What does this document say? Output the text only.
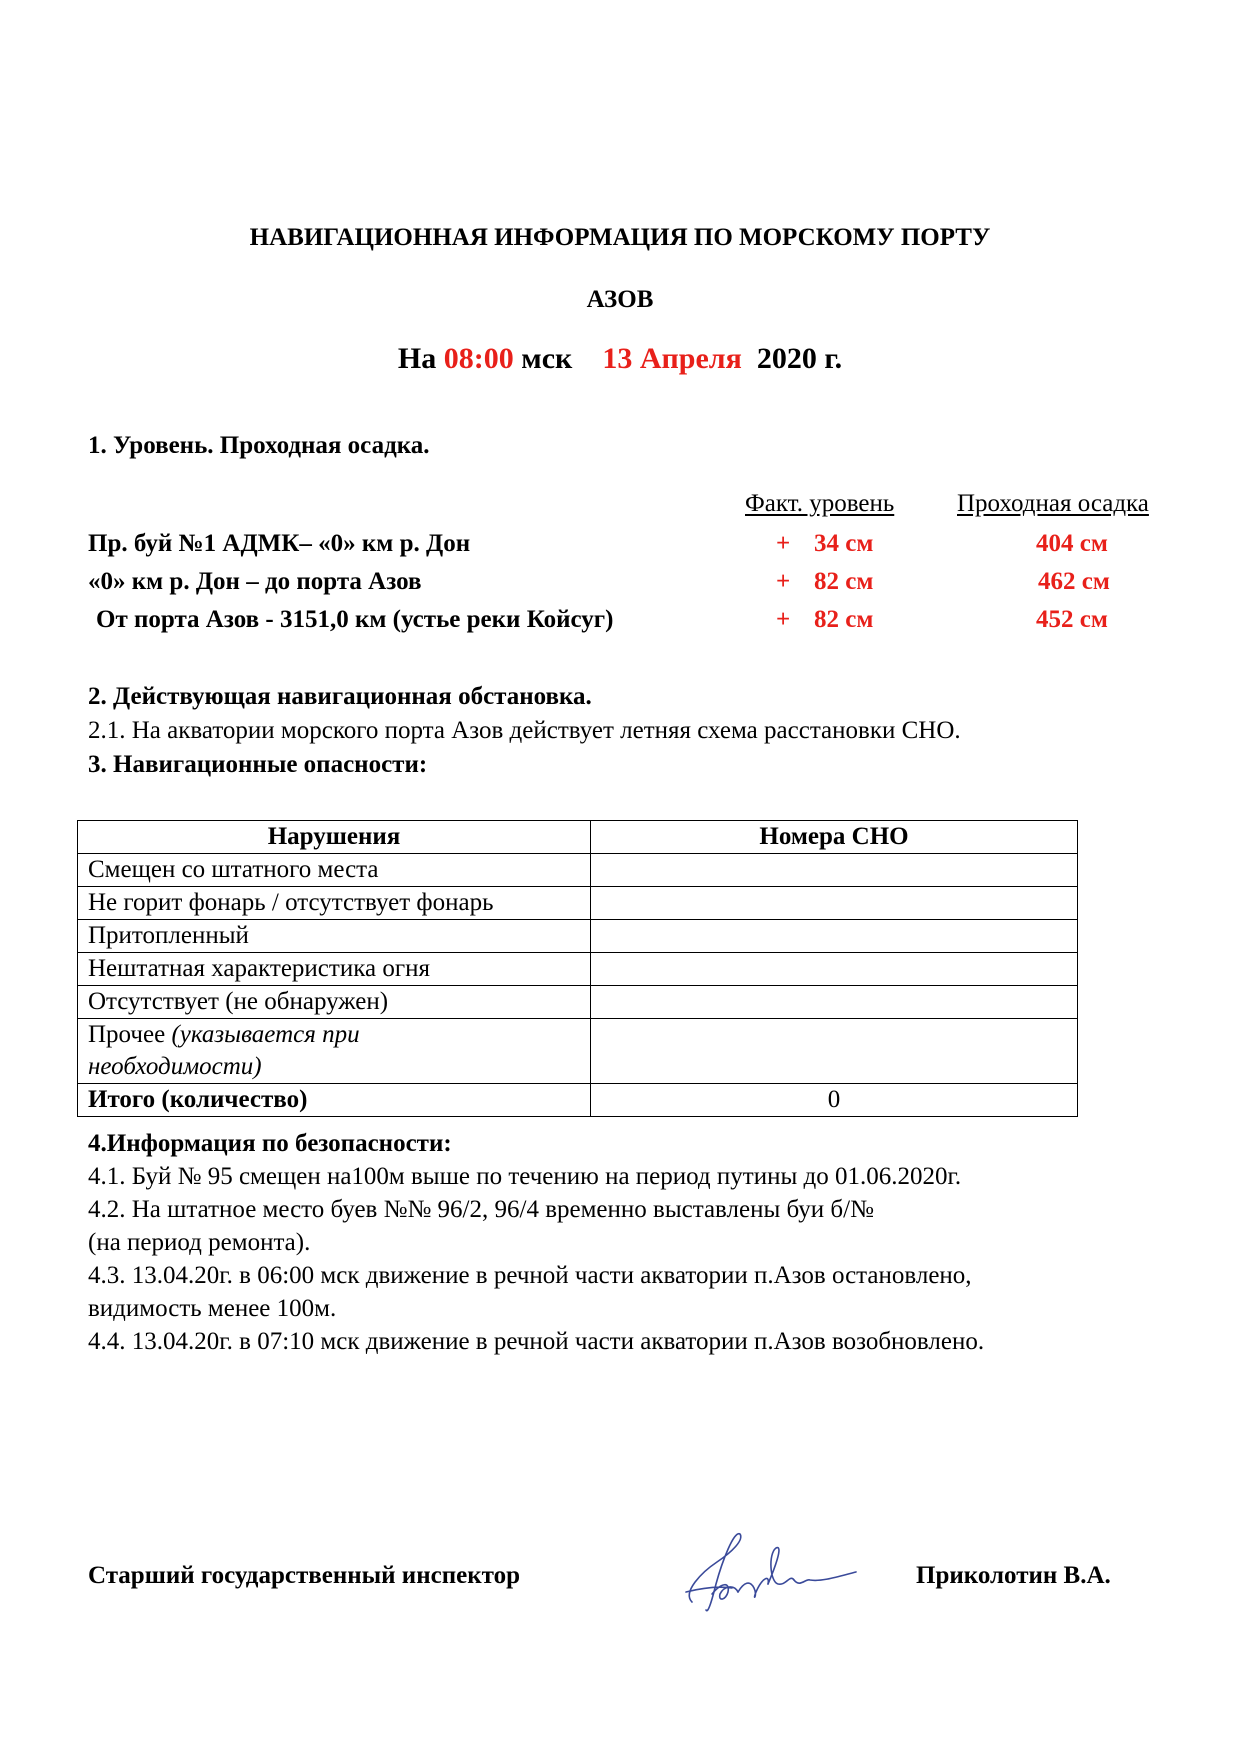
НАВИГАЦИОННАЯ ИНФОРМАЦИЯ ПО МОРСКОМУ ПОРТУ
АЗОВ
На 08:00 мск 13 Апреля 2020 г.
1. Уровень. Проходная осадка.
Факт. уровень	Проходная осадка
Пр. буй №1 АДМК– «0» км р. Дон	+ 34 см	404 см
«0» км р. Дон – до порта Азов	+ 82 см	462 см
От порта Азов - 3151,0 км (устье реки Койсуг)	+ 82 см	452 см
2. Действующая навигационная обстановка.
2.1. На акватории морского порта Азов действует летняя схема расстановки СНО.
3. Навигационные опасности:
Нарушения	Номера СНО
Смещен со штатного места	
Не горит фонарь / отсутствует фонарь	
Притопленный	
Нештатная характеристика огня	
Отсутствует (не обнаружен)	
Прочее (указывается при
необходимости)	
Итого (количество)	0
4.Информация по безопасности:
4.1. Буй № 95 смещен на100м выше по течению на период путины до 01.06.2020г.
4.2. На штатное место буев №№ 96/2, 96/4 временно выставлены буи б/№
(на период ремонта).
4.3. 13.04.20г. в 06:00 мск движение в речной части акватории п.Азов остановлено,
видимость менее 100м.
4.4. 13.04.20г. в 07:10 мск движение в речной части акватории п.Азов возобновлено.
Старший государственный инспектор	Приколотин В.А.
